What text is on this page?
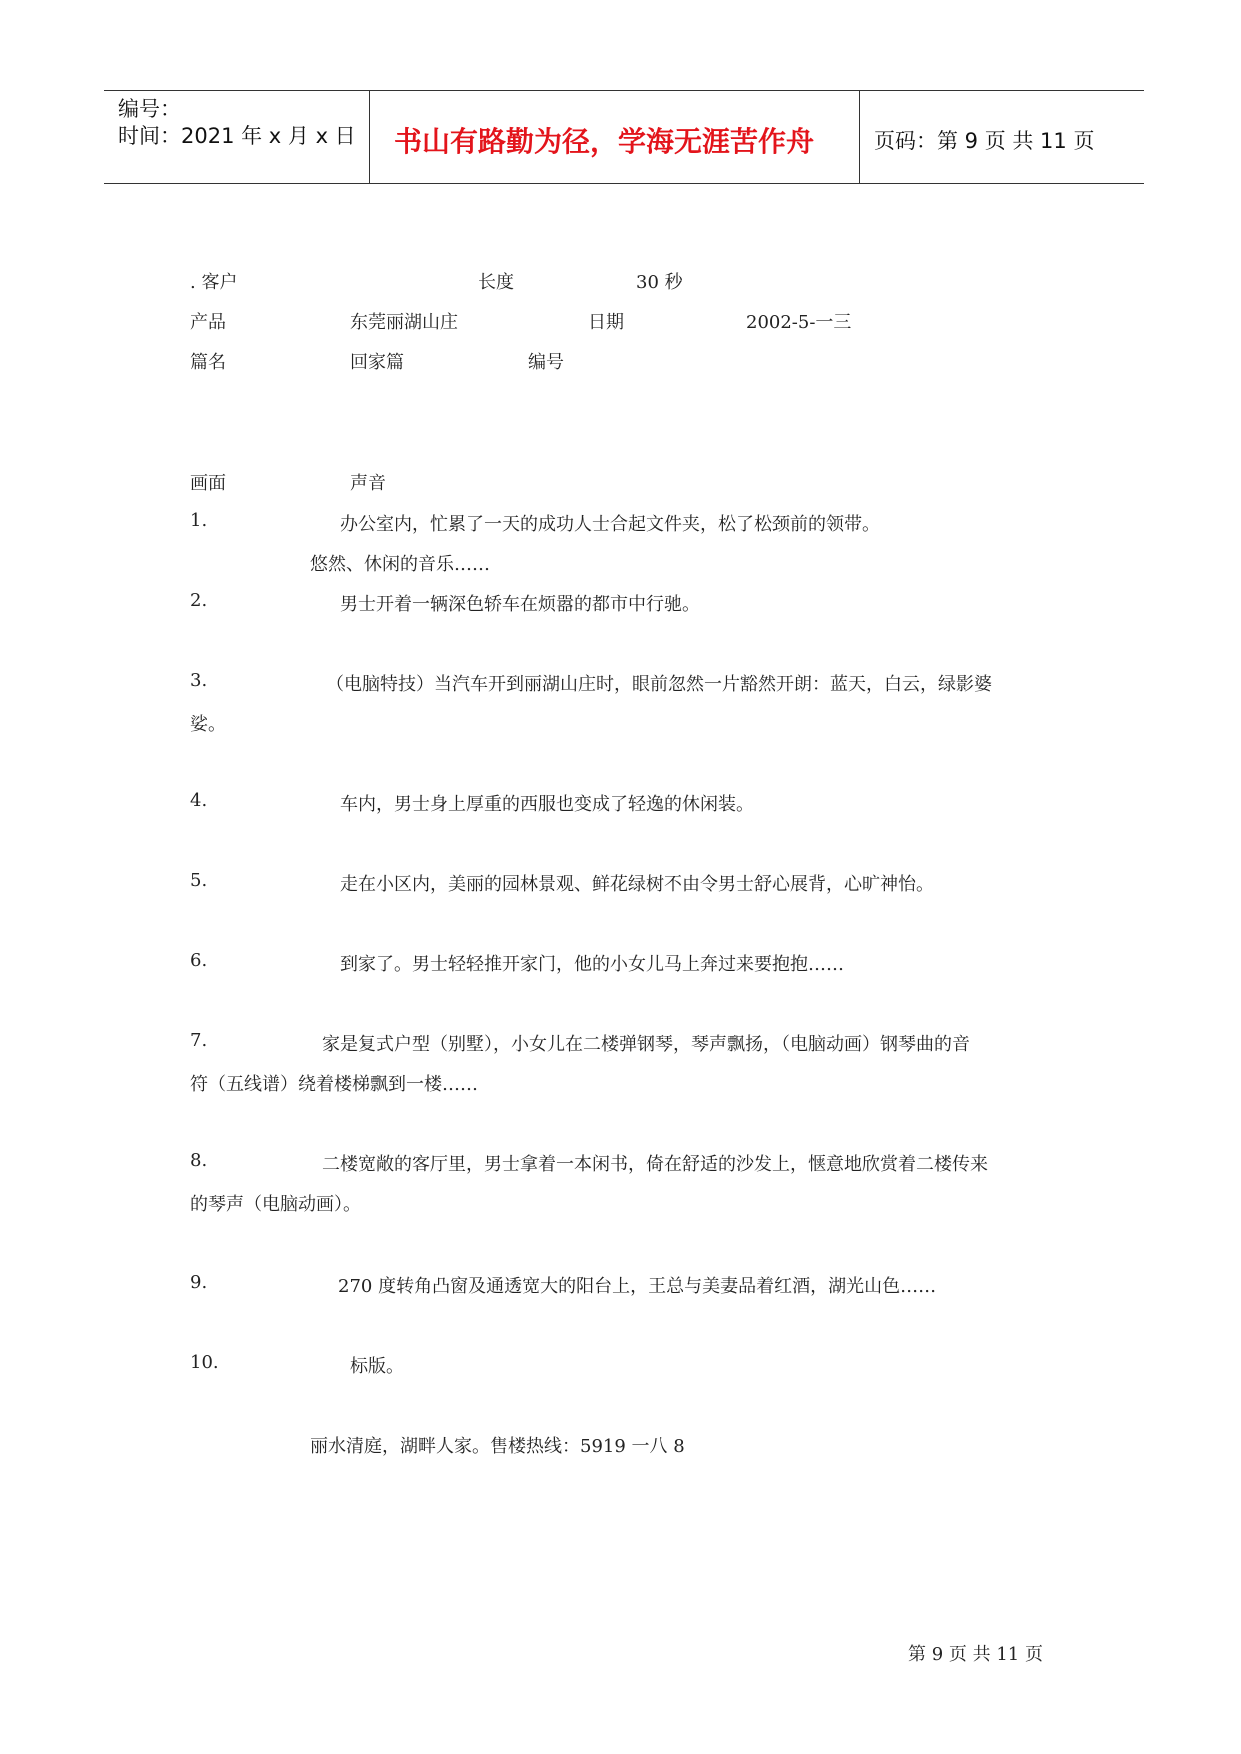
编号：
时间：2021 年 x 月 x 日 书山有路勤为径，学海无涯苦作舟	页码：第 9 页 共 11 页
. 客户	长度	30 秒
产品	东莞丽湖山庄	日期	2002-5-一三
篇名	回家篇	编号
画面	声音
1.	办公室内，忙累了一天的成功人士合起文件夹，松了松颈前的领带。
悠然、休闲的音乐……
2.	男士开着一辆深色轿车在烦嚣的都市中行驰。
3.	（电脑特技）当汽车开到丽湖山庄时，眼前忽然一片豁然开朗：蓝天，白云，绿影婆
娑。
4.	车内，男士身上厚重的西服也变成了轻逸的休闲装。
5.	走在小区内，美丽的园林景观、鲜花绿树不由令男士舒心展背，心旷神怡。
6.	到家了。男士轻轻推开家门，他的小女儿马上奔过来要抱抱……
7.	家是复式户型（别墅），小女儿在二楼弹钢琴，琴声飘扬，（电脑动画）钢琴曲的音
符（五线谱）绕着楼梯飘到一楼……
8.	二楼宽敞的客厅里，男士拿着一本闲书，倚在舒适的沙发上，惬意地欣赏着二楼传来
的琴声（电脑动画）。
9.	270 度转角凸窗及通透宽大的阳台上，王总与美妻品着红酒，湖光山色……
10.	标版。
丽水清庭，湖畔人家。售楼热线：5919 一八 8
第 9 页 共 11 页
